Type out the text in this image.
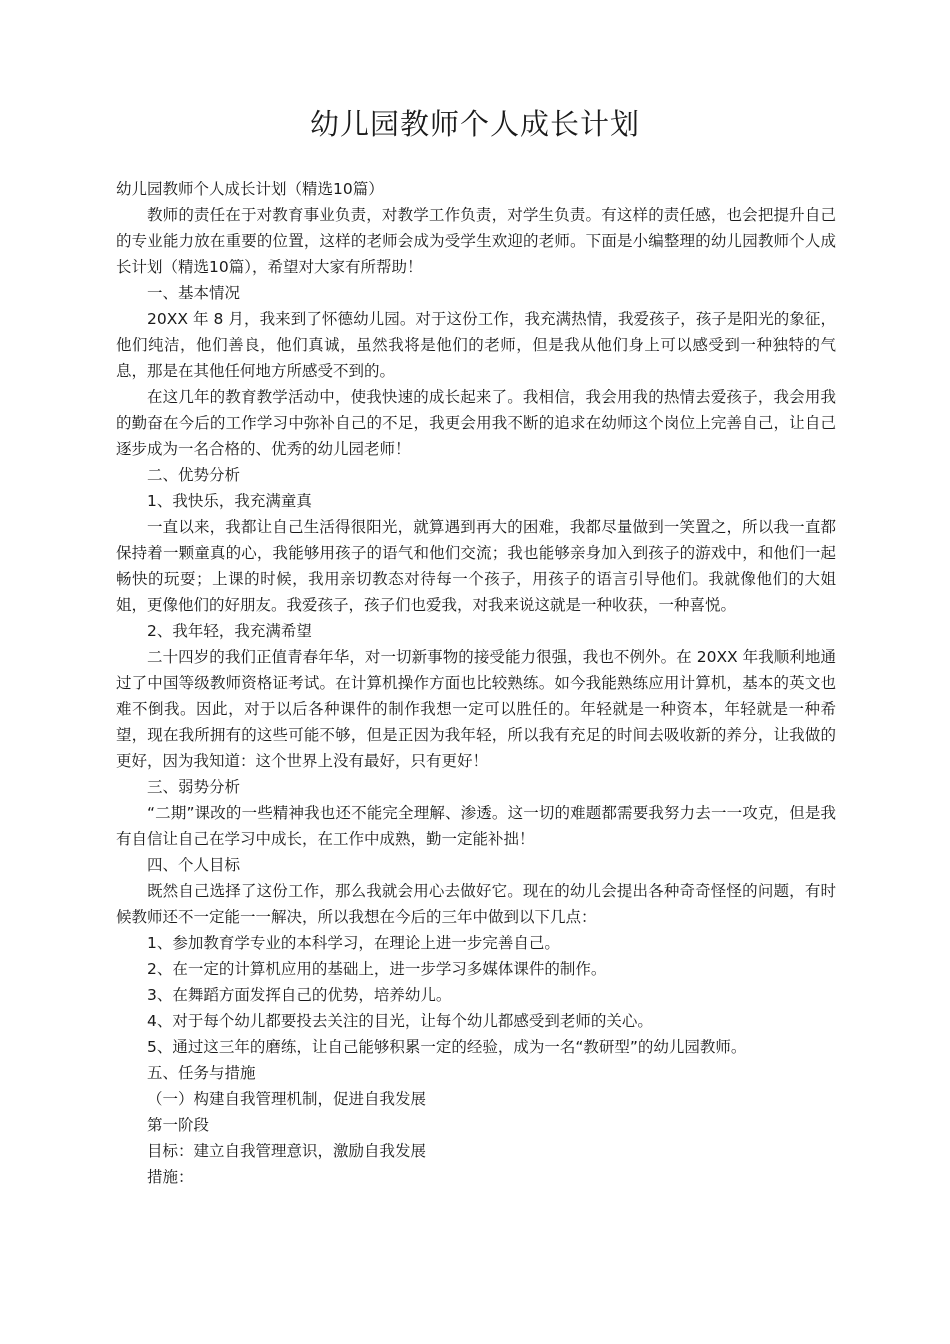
幼儿园教师个人成长计划

幼儿园教师个人成长计划（精选10篇）

教师的责任在于对教育事业负责，对教学工作负责，对学生负责。有这样的责任感，也会把提升自己的专业能力放在重要的位置，这样的老师会成为受学生欢迎的老师。下面是小编整理的幼儿园教师个人成长计划（精选10篇），希望对大家有所帮助！

一、基本情况

20XX 年 8 月，我来到了怀德幼儿园。对于这份工作，我充满热情，我爱孩子，孩子是阳光的象征，他们纯洁，他们善良，他们真诚，虽然我将是他们的老师，但是我从他们身上可以感受到一种独特的气息，那是在其他任何地方所感受不到的。

在这几年的教育教学活动中，使我快速的成长起来了。我相信，我会用我的热情去爱孩子，我会用我的勤奋在今后的工作学习中弥补自己的不足，我更会用我不断的追求在幼师这个岗位上完善自己，让自己逐步成为一名合格的、优秀的幼儿园老师！

二、优势分析

1、我快乐，我充满童真

一直以来，我都让自己生活得很阳光，就算遇到再大的困难，我都尽量做到一笑置之，所以我一直都保持着一颗童真的心，我能够用孩子的语气和他们交流；我也能够亲身加入到孩子的游戏中，和他们一起畅快的玩耍；上课的时候，我用亲切教态对待每一个孩子，用孩子的语言引导他们。我就像他们的大姐姐，更像他们的好朋友。我爱孩子，孩子们也爱我，对我来说这就是一种收获，一种喜悦。

2、我年轻，我充满希望

二十四岁的我们正值青春年华，对一切新事物的接受能力很强，我也不例外。在 20XX 年我顺利地通过了中国等级教师资格证考试。在计算机操作方面也比较熟练。如今我能熟练应用计算机，基本的英文也难不倒我。因此，对于以后各种课件的制作我想一定可以胜任的。年轻就是一种资本，年轻就是一种希望，现在我所拥有的这些可能不够，但是正因为我年轻，所以我有充足的时间去吸收新的养分，让我做的更好，因为我知道：这个世界上没有最好，只有更好！

三、弱势分析

“二期”课改的一些精神我也还不能完全理解、渗透。这一切的难题都需要我努力去一一攻克，但是我有自信让自己在学习中成长，在工作中成熟，勤一定能补拙！

四、个人目标

既然自己选择了这份工作，那么我就会用心去做好它。现在的幼儿会提出各种奇奇怪怪的问题，有时候教师还不一定能一一解决，所以我想在今后的三年中做到以下几点：

1、参加教育学专业的本科学习，在理论上进一步完善自己。

2、在一定的计算机应用的基础上，进一步学习多媒体课件的制作。

3、在舞蹈方面发挥自己的优势，培养幼儿。

4、对于每个幼儿都要投去关注的目光，让每个幼儿都感受到老师的关心。

5、通过这三年的磨练，让自己能够积累一定的经验，成为一名“教研型”的幼儿园教师。

五、任务与措施

（一）构建自我管理机制，促进自我发展

第一阶段

目标：建立自我管理意识，激励自我发展

措施：
